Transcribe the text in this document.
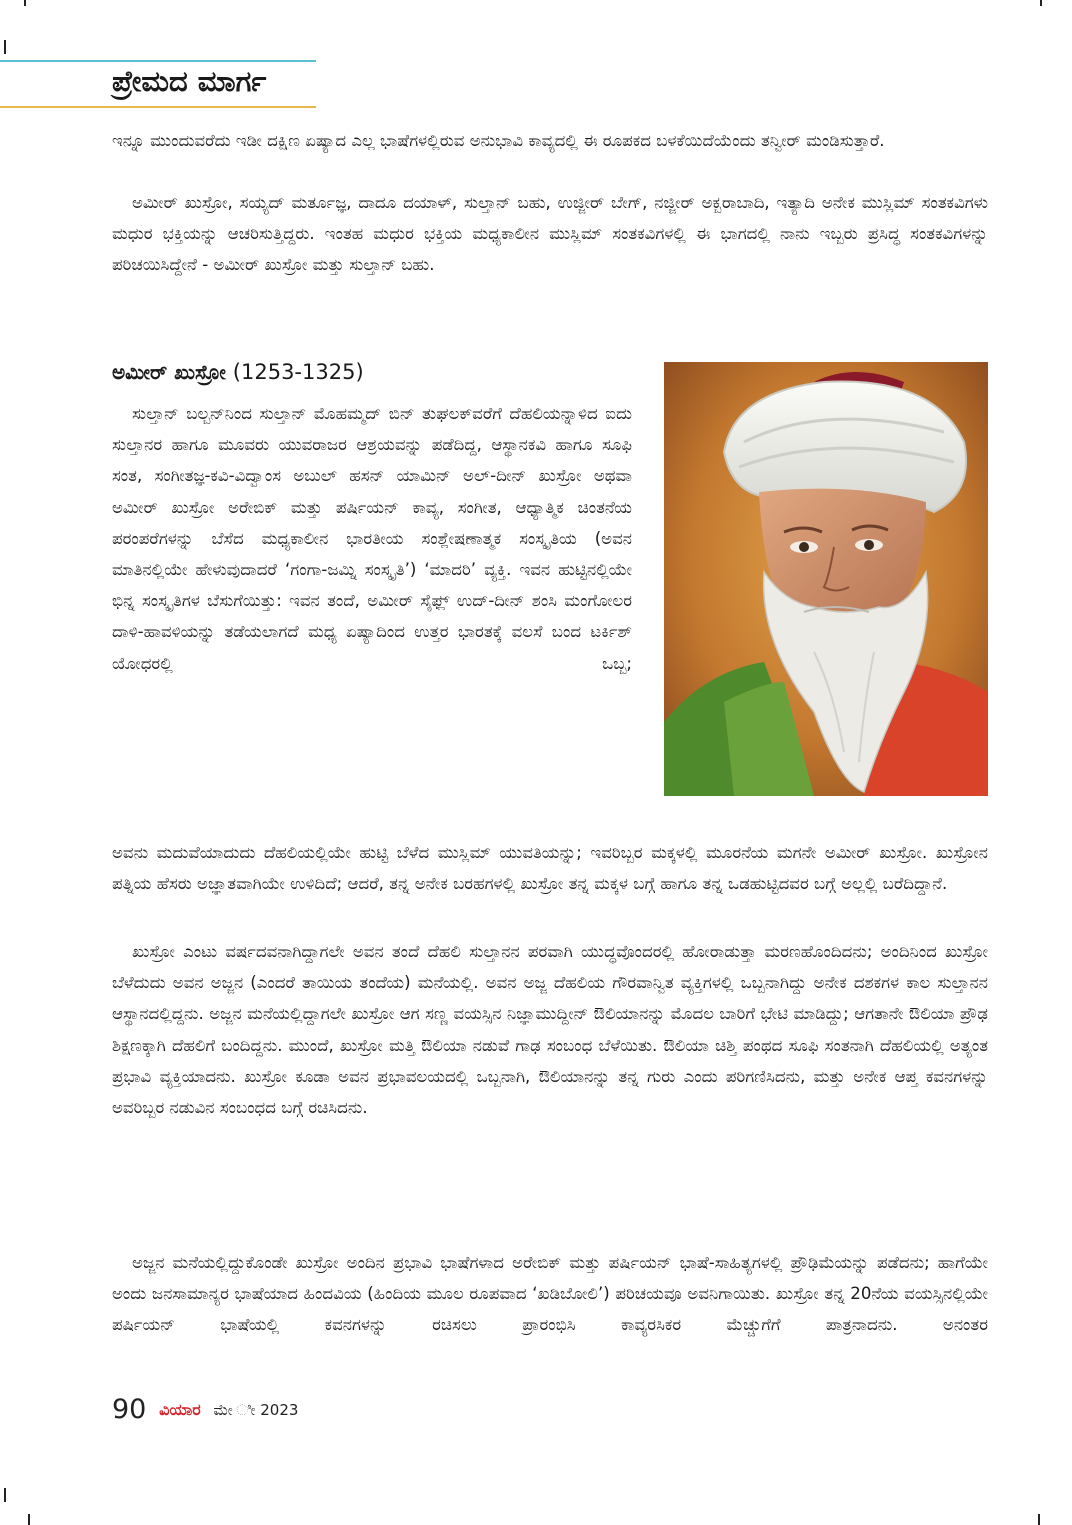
ಪ್ರೇಮದ ಮಾರ್ಗ

ಇನ್ನೂ ಮುಂದುವರೆದು ಇಡೀ ದಕ್ಷಿಣ ಏಷ್ಯಾದ ಎಲ್ಲ ಭಾಷೆಗಳಲ್ಲಿರುವ ಅನುಭಾವಿ ಕಾವ್ಯದಲ್ಲಿ ಈ ರೂಪಕದ ಬಳಕೆಯಿದೆಯೆಂದು ತನ್ವೀರ್ ಮಂಡಿಸುತ್ತಾರೆ.

ಅಮೀರ್ ಖುಸ್ರೋ, ಸಯ್ಯದ್ ಮರ್ತೂಜ್ಞ, ದಾದೂ ದಯಾಳ್, ಸುಲ್ತಾನ್ ಬಹು, ಉಜ್ಜೀರ್ ಬೇಗ್, ನಜ್ಜೀರ್ ಅಕ್ಬರಾಬಾದಿ, ಇತ್ಯಾದಿ ಅನೇಕ ಮುಸ್ಲಿಮ್ ಸಂತಕವಿಗಳು ಮಧುರ ಭಕ್ತಿಯನ್ನು ಆಚರಿಸುತ್ತಿದ್ದರು. ಇಂತಹ ಮಧುರ ಭಕ್ತಿಯ ಮಧ್ಯಕಾಲೀನ ಮುಸ್ಲಿಮ್ ಸಂತಕವಿಗಳಲ್ಲಿ ಈ ಭಾಗದಲ್ಲಿ ನಾನು ಇಬ್ಬರು ಪ್ರಸಿದ್ಧ ಸಂತಕವಿಗಳನ್ನು ಪರಿಚಯಿಸಿದ್ದೇನೆ - ಅಮೀರ್ ಖುಸ್ರೋ ಮತ್ತು ಸುಲ್ತಾನ್ ಬಹು.

ಅಮೀರ್ ಖುಸ್ರೋ (1253-1325)

ಸುಲ್ತಾನ್ ಬಲ್ಬನ್‌ನಿಂದ ಸುಲ್ತಾನ್ ಮೊಹಮ್ಮದ್ ಬಿನ್ ತುಘಲಕ್‌ವರೆಗೆ ದೆಹಲಿಯನ್ನಾಳಿದ ಐದು ಸುಲ್ತಾನರ ಹಾಗೂ ಮೂವರು ಯುವರಾಜರ ಆಶ್ರಯವನ್ನು ಪಡೆದಿದ್ದ, ಆಸ್ಥಾನಕವಿ ಹಾಗೂ ಸೂಫಿ ಸಂತ, ಸಂಗೀತಜ್ಞ-ಕವಿ-ವಿದ್ವಾಂಸ ಅಬುಲ್ ಹಸನ್ ಯಾಮಿನ್ ಅಲ್-ದೀನ್ ಖುಸ್ರೋ ಅಥವಾ ಅಮೀರ್ ಖುಸ್ರೋ ಅರೇಬಿಕ್ ಮತ್ತು ಪರ್ಷಿಯನ್ ಕಾವ್ಯ, ಸಂಗೀತ, ಆಧ್ಯಾತ್ಮಿಕ ಚಿಂತನೆಯ ಪರಂಪರೆಗಳನ್ನು ಬೆಸೆದ ಮಧ್ಯಕಾಲೀನ ಭಾರತೀಯ ಸಂಶ್ಲೇಷಣಾತ್ಮಕ ಸಂಸ್ಕೃತಿಯ (ಅವನ ಮಾತಿನಲ್ಲಿಯೇ ಹೇಳುವುದಾದರೆ ‘ಗಂಗಾ-ಜಮ್ನಿ ಸಂಸ್ಕೃತಿ’) ‘ಮಾದರಿ’ ವ್ಯಕ್ತಿ. ಇವನ ಹುಟ್ಟಿನಲ್ಲಿಯೇ ಭಿನ್ನ ಸಂಸ್ಕೃತಿಗಳ ಬೆಸುಗೆಯಿತ್ತು: ಇವನ ತಂದೆ, ಅಮೀರ್ ಸೈಫ್ಲ್ ಉದ್-ದೀನ್ ಶಂಸಿ ಮಂಗೋಲರ ದಾಳಿ-ಹಾವಳಿಯನ್ನು ತಡೆಯಲಾಗದೆ ಮಧ್ಯ ಏಷ್ಯಾದಿಂದ ಉತ್ತರ ಭಾರತಕ್ಕೆ ವಲಸೆ ಬಂದ ಟರ್ಕಿಶ್ ಯೋಧರಲ್ಲಿ ಒಬ್ಬ;

ಅವನು ಮದುವೆಯಾದುದು ದೆಹಲಿಯಲ್ಲಿಯೇ ಹುಟ್ಟಿ ಬೆಳೆದ ಮುಸ್ಲಿಮ್ ಯುವತಿಯನ್ನು; ಇವರಿಬ್ಬರ ಮಕ್ಕಳಲ್ಲಿ ಮೂರನೆಯ ಮಗನೇ ಅಮೀರ್ ಖುಸ್ರೋ. ಖುಸ್ರೋನ ಪತ್ನಿಯ ಹೆಸರು ಅಜ್ಞಾತವಾಗಿಯೇ ಉಳಿದಿದೆ; ಆದರೆ, ತನ್ನ ಅನೇಕ ಬರಹಗಳಲ್ಲಿ ಖುಸ್ರೋ ತನ್ನ ಮಕ್ಕಳ ಬಗ್ಗೆ ಹಾಗೂ ತನ್ನ ಒಡಹುಟ್ಟಿದವರ ಬಗ್ಗೆ ಅಲ್ಲಲ್ಲಿ ಬರೆದಿದ್ದಾನೆ.

ಖುಸ್ರೋ ಎಂಟು ವರ್ಷದವನಾಗಿದ್ದಾಗಲೇ ಅವನ ತಂದೆ ದೆಹಲಿ ಸುಲ್ತಾನನ ಪರವಾಗಿ ಯುದ್ಧವೊಂದರಲ್ಲಿ ಹೋರಾಡುತ್ತಾ ಮರಣಹೊಂದಿದನು; ಅಂದಿನಿಂದ ಖುಸ್ರೋ ಬೆಳೆದುದು ಅವನ ಅಜ್ಜನ (ಎಂದರೆ ತಾಯಿಯ ತಂದೆಯ) ಮನೆಯಲ್ಲಿ. ಅವನ ಅಜ್ಜ ದೆಹಲಿಯ ಗೌರವಾನ್ವಿತ ವ್ಯಕ್ತಿಗಳಲ್ಲಿ ಒಬ್ಬನಾಗಿದ್ದು ಅನೇಕ ದಶಕಗಳ ಕಾಲ ಸುಲ್ತಾನನ ಆಸ್ಥಾನದಲ್ಲಿದ್ದನು. ಅಜ್ಜನ ಮನೆಯಲ್ಲಿದ್ದಾಗಲೇ ಖುಸ್ರೋ ಆಗ ಸಣ್ಣ ವಯಸ್ಸಿನ ನಿಜ್ಞಾಮುದ್ದೀನ್ ಔಲಿಯಾನನ್ನು ಮೊದಲ ಬಾರಿಗೆ ಭೇಟಿ ಮಾಡಿದ್ದು; ಆಗತಾನೇ ಔಲಿಯಾ ಪ್ರೌಢ ಶಿಕ್ಷಣಕ್ಕಾಗಿ ದೆಹಲಿಗೆ ಬಂದಿದ್ದನು. ಮುಂದೆ, ಖುಸ್ರೋ ಮತ್ತಿ ಔಲಿಯಾ ನಡುವೆ ಗಾಢ ಸಂಬಂಧ ಬೆಳೆಯಿತು. ಔಲಿಯಾ ಚಿಶ್ತಿ ಪಂಥದ ಸೂಫಿ ಸಂತನಾಗಿ ದೆಹಲಿಯಲ್ಲಿ ಅತ್ಯಂತ ಪ್ರಭಾವಿ ವ್ಯಕ್ತಿಯಾದನು. ಖುಸ್ರೋ ಕೂಡಾ ಅವನ ಪ್ರಭಾವಲಯದಲ್ಲಿ ಒಬ್ಬನಾಗಿ, ಔಲಿಯಾನನ್ನು ತನ್ನ ಗುರು ಎಂದು ಪರಿಗಣಿಸಿದನು, ಮತ್ತು ಅನೇಕ ಆಪ್ತ ಕವನಗಳನ್ನು ಅವರಿಬ್ಬರ ನಡುವಿನ ಸಂಬಂಧದ ಬಗ್ಗೆ ರಚಿಸಿದನು.

ಅಜ್ಜನ ಮನೆಯಲ್ಲಿದ್ದುಕೊಂಡೇ ಖುಸ್ರೋ ಅಂದಿನ ಪ್ರಭಾವಿ ಭಾಷೆಗಳಾದ ಅರೇಬಿಕ್ ಮತ್ತು ಪರ್ಷಿಯನ್ ಭಾಷೆ-ಸಾಹಿತ್ಯಗಳಲ್ಲಿ ಪ್ರೌಢಿಮೆಯನ್ನು ಪಡೆದನು; ಹಾಗೆಯೇ ಅಂದು ಜನಸಾಮಾನ್ಯರ ಭಾಷೆಯಾದ ಹಿಂದವಿಯ (ಹಿಂದಿಯ ಮೂಲ ರೂಪವಾದ ‘ಖಡಿಬೋಲಿ’) ಪರಿಚಯವೂ ಅವನಿಗಾಯಿತು. ಖುಸ್ರೋ ತನ್ನ 20ನೆಯ ವಯಸ್ಸಿನಲ್ಲಿಯೇ ಪರ್ಷಿಯನ್ ಭಾಷೆಯಲ್ಲಿ ಕವನಗಳನ್ನು ರಚಿಸಲು ಪ್ರಾರಂಭಿಸಿ ಕಾವ್ಯರಸಿಕರ ಮೆಚ್ಚುಗೆಗೆ ಪಾತ್ರನಾದನು. ಅನಂತರ

90 ವಿಯಾರ ಮೇ ೀ 2023
